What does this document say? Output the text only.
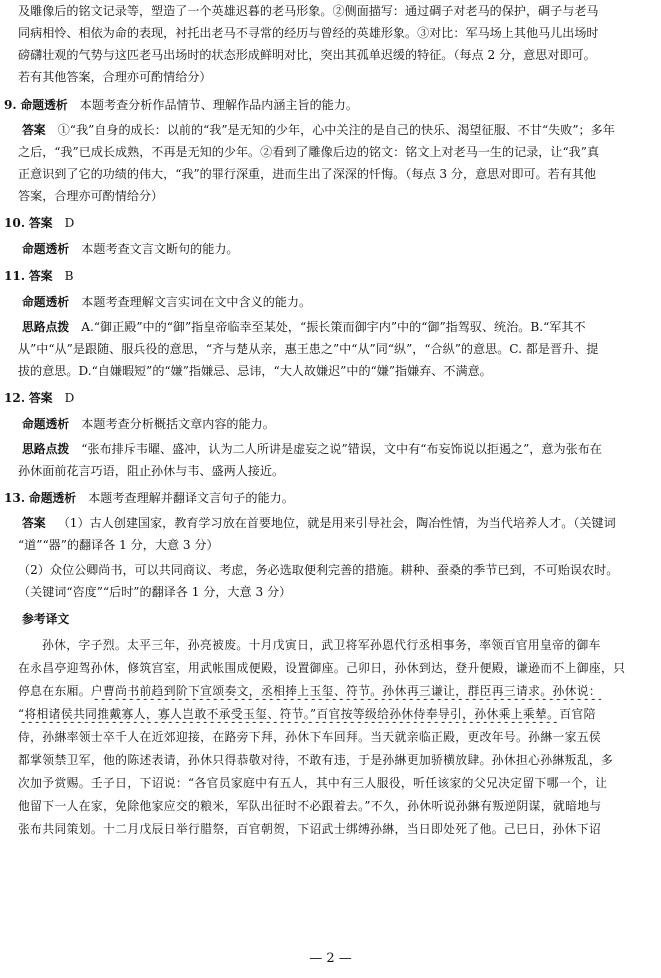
及雕像后的铭文记录等，塑造了一个英雄迟暮的老马形象。②侧面描写：通过碉子对老马的保护，碉子与老马
同病相怜、相依为命的表现，衬托出老马不寻常的经历与曾经的英雄形象。③对比：军马场上其他马儿出场时
磅礴壮观的气势与这匹老马出场时的状态形成鲜明对比，突出其孤单迟缓的特征。（每点 2 分，意思对即可。
若有其他答案，合理亦可酌情给分）
9. 命题透析  本题考查分析作品情节、理解作品内涵主旨的能力。
答案  ①“我”自身的成长：以前的“我”是无知的少年，心中关注的是自己的快乐、渴望征服、不甘“失败”；多年
之后，“我”已成长成熟，不再是无知的少年。②看到了雕像后边的铭文：铭文上对老马一生的记录，让“我”真
正意识到了它的功绩的伟大，“我”的罪行深重，进而生出了深深的忏悔。（每点 3 分，意思对即可。若有其他
答案，合理亦可酌情给分）
10. 答案  D
命题透析  本题考查文言文断句的能力。
11. 答案  B
命题透析  本题考查理解文言实词在文中含义的能力。
思路点拨  A.“御正殿”中的“御”指皇帝临幸至某处，“振长策而御宇内”中的“御”指驾驭、统治。B.“军其不
从”中“从”是跟随、服兵役的意思，“齐与楚从亲，惠王患之”中“从”同“纵”，“合纵”的意思。C. 都是晋升、提
拔的意思。D.“自嫌暇短”的“嫌”指嫌忌、忌讳，“大人故嫌迟”中的“嫌”指嫌弃、不满意。
12. 答案  D
命题透析  本题考查分析概括文章内容的能力。
思路点拨  “张布排斥韦曜、盛冲，认为二人所讲是虚妄之说”错误，文中有“布妄饰说以拒遏之”，意为张布在
孙休面前花言巧语，阻止孙休与韦、盛两人接近。
13. 命题透析  本题考查理解并翻译文言句子的能力。
答案  （1）古人创建国家，教育学习放在首要地位，就是用来引导社会，陶冶性情，为当代培养人才。（关键词
“道”“器”的翻译各 1 分，大意 3 分）
（2）众位公卿尚书，可以共同商议、考虑，务必选取便利完善的措施。耕种、蚕桑的季节已到，不可贻误农时。
（关键词“咨度”“后时”的翻译各 1 分，大意 3 分）
参考译文
孙休，字子烈。太平三年，孙亮被废。十月戊寅日，武卫将军孙恩代行丞相事务，率领百官用皇帝的御车
在永昌亭迎驾孙休，修筑宫室，用武帐围成便殿，设置御座。己卯日，孙休到达，登升便殿，谦逊而不上御座，只
停息在东厢。户曹尚书前趋到阶下宣颂奏文，丞相捧上玉玺、符节。孙休再三谦让，群臣再三请求。孙休说：
“将相诸侯共同推戴寡人，寡人岂敢不承受玉玺、符节。”百官按等级给孙休侍奉导引，孙休乘上乘辇。百官陪
侍，孙綝率领士卒千人在近郊迎接，在路旁下拜，孙休下车回拜。当天就亲临正殿，更改年号。孙綝一家五侯
都掌领禁卫军，他的陈述表请，孙休只得恭敬对待，不敢有违，于是孙綝更加骄横放肆。孙休担心孙綝叛乱，多
次加予赏赐。壬子日，下诏说：“各官员家庭中有五人，其中有三人服役，听任该家的父兄决定留下哪一个，让
他留下一人在家，免除他家应交的粮米，军队出征时不必跟着去。”不久，孙休听说孙綝有叛逆阴谋，就暗地与
张布共同策划。十二月戊辰日举行腊祭，百官朝贺，下诏武士绑缚孙綝，当日即处死了他。己巳日，孙休下诏
— 2 —
